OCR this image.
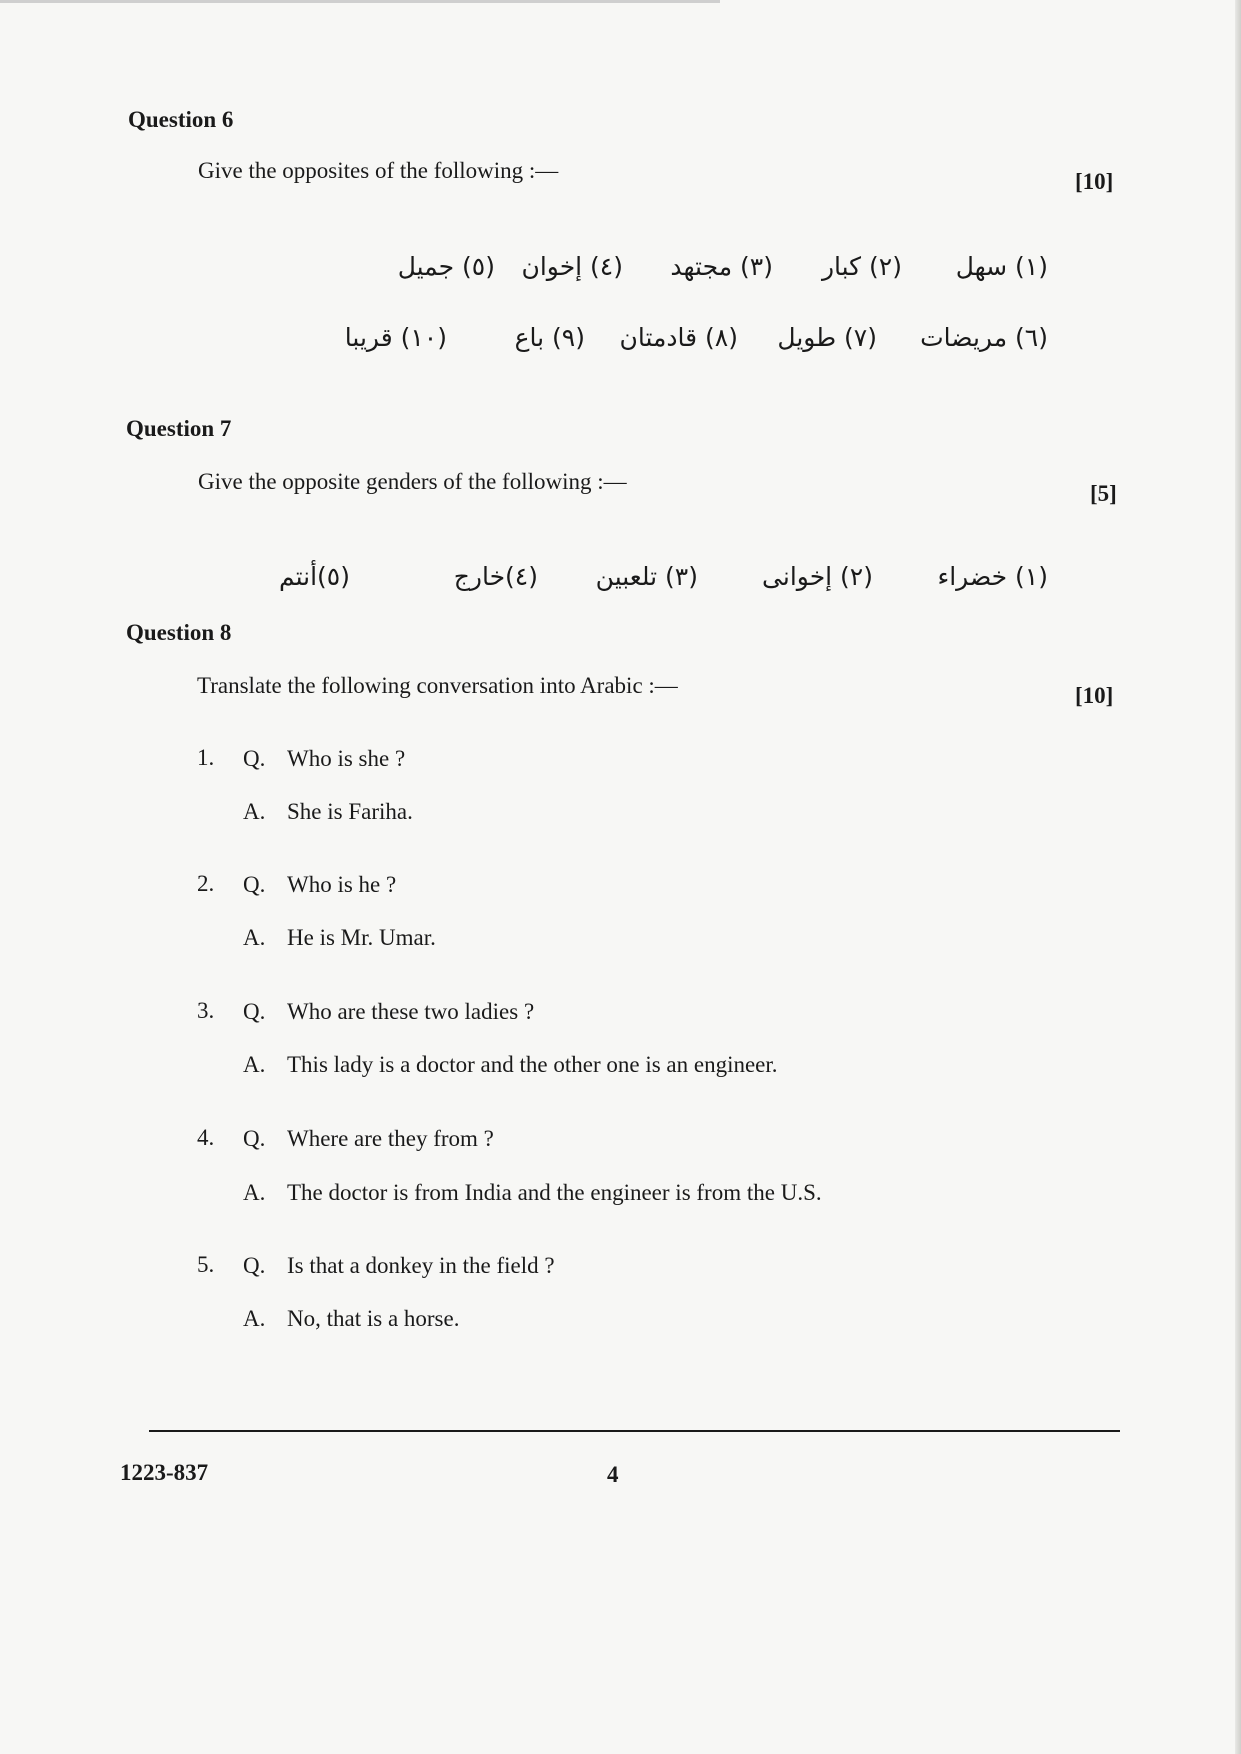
Question 6
Give the opposites of the following :—	[10]
(١) سهل
(٢) كبار
(٣) مجتهد
(٤) إخوان
(٥) جميل
(٦) مريضات
(٧) طويل
(٨) قادمتان
(٩) باع
(١٠) قريبا
Question 7
Give the opposite genders of the following :—	[5]
(١) خضراء
(٢) إخوانى
(٣) تلعبين
(٤)خارج
(٥)أنتم
Question 8
Translate the following conversation into Arabic :—	[10]
1. Q. Who is she ?
A. She is Fariha.
2. Q. Who is he ?
A. He is Mr. Umar.
3. Q. Who are these two ladies ?
A. This lady is a doctor and the other one is an engineer.
4. Q. Where are they from ?
A. The doctor is from India and the engineer is from the U.S.
5. Q. Is that a donkey in the field ?
A. No, that is a horse.
1223-837	4
